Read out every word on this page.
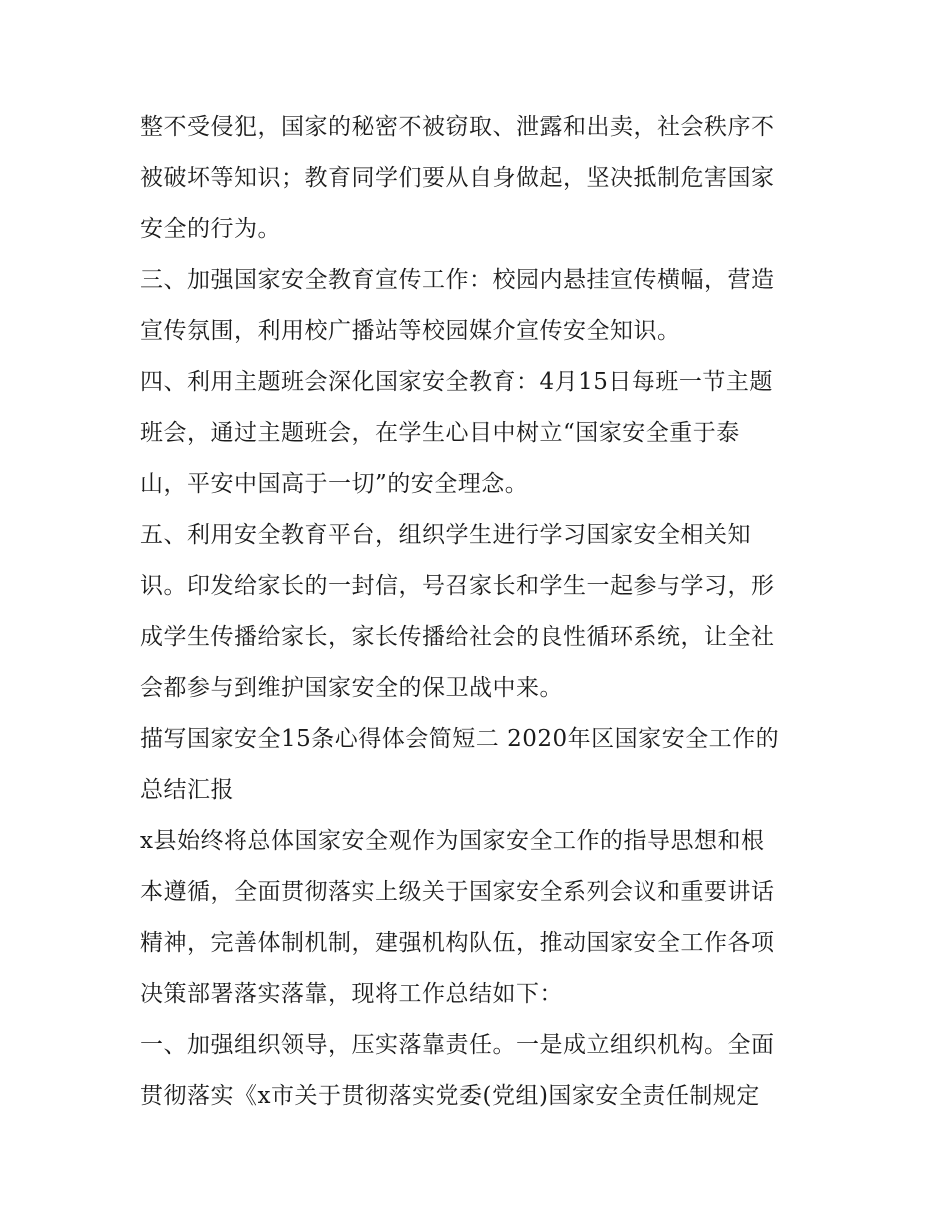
整不受侵犯，国家的秘密不被窃取、泄露和出卖，社会秩序不

被破坏等知识；教育同学们要从自身做起，坚决抵制危害国家

安全的行为。

三、加强国家安全教育宣传工作：校园内悬挂宣传横幅，营造

宣传氛围，利用校广播站等校园媒介宣传安全知识。

四、利用主题班会深化国家安全教育：4月15日每班一节主题

班会，通过主题班会，在学生心目中树立“国家安全重于泰

山，平安中国高于一切”的安全理念。

五、利用安全教育平台，组织学生进行学习国家安全相关知

识。印发给家长的一封信，号召家长和学生一起参与学习，形

成学生传播给家长，家长传播给社会的良性循环系统，让全社

会都参与到维护国家安全的保卫战中来。

描写国家安全15条心得体会简短二 2020年区国家安全工作的

总结汇报

x县始终将总体国家安全观作为国家安全工作的指导思想和根

本遵循，全面贯彻落实上级关于国家安全系列会议和重要讲话

精神，完善体制机制，建强机构队伍，推动国家安全工作各项

决策部署落实落靠，现将工作总结如下：

一、加强组织领导，压实落靠责任。一是成立组织机构。全面

贯彻落实《x市关于贯彻落实党委(党组)国家安全责任制规定
